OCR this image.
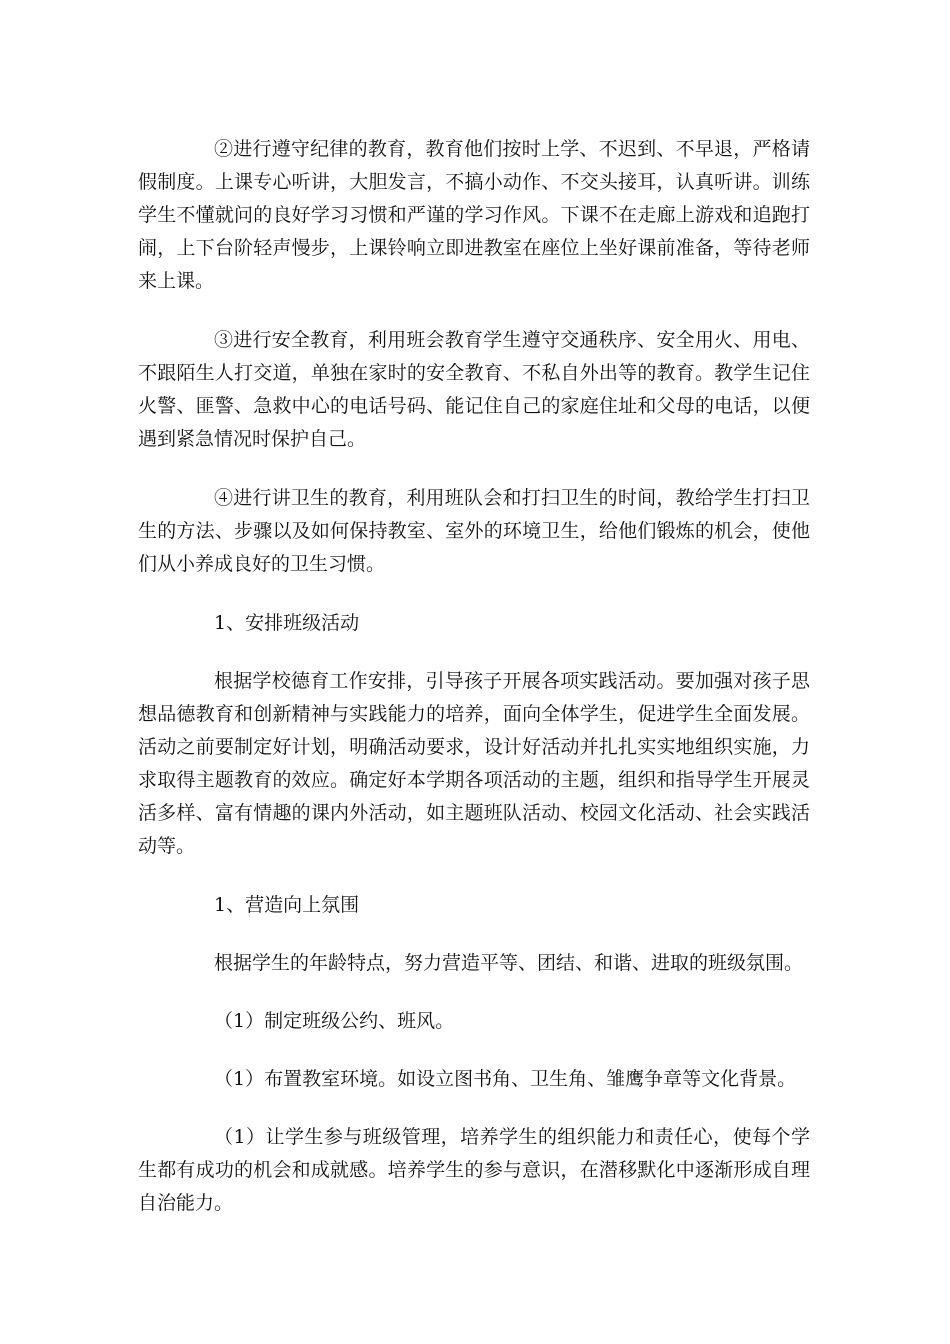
②进行遵守纪律的教育，教育他们按时上学、不迟到、不早退，严格请假制度。上课专心听讲，大胆发言，不搞小动作、不交头接耳，认真听讲。训练学生不懂就问的良好学习习惯和严谨的学习作风。下课不在走廊上游戏和追跑打闹，上下台阶轻声慢步，上课铃响立即进教室在座位上坐好课前准备，等待老师来上课。

③进行安全教育，利用班会教育学生遵守交通秩序、安全用火、用电、不跟陌生人打交道，单独在家时的安全教育、不私自外出等的教育。教学生记住火警、匪警、急救中心的电话号码、能记住自己的家庭住址和父母的电话，以便遇到紧急情况时保护自己。

④进行讲卫生的教育，利用班队会和打扫卫生的时间，教给学生打扫卫生的方法、步骤以及如何保持教室、室外的环境卫生，给他们锻炼的机会，使他们从小养成良好的卫生习惯。

1、安排班级活动

根据学校德育工作安排，引导孩子开展各项实践活动。要加强对孩子思想品德教育和创新精神与实践能力的培养，面向全体学生，促进学生全面发展。活动之前要制定好计划，明确活动要求，设计好活动并扎扎实实地组织实施，力求取得主题教育的效应。确定好本学期各项活动的主题，组织和指导学生开展灵活多样、富有情趣的课内外活动，如主题班队活动、校园文化活动、社会实践活动等。

1、营造向上氛围

根据学生的年龄特点，努力营造平等、团结、和谐、进取的班级氛围。

（1）制定班级公约、班风。

（1）布置教室环境。如设立图书角、卫生角、雏鹰争章等文化背景。

（1）让学生参与班级管理，培养学生的组织能力和责任心，使每个学生都有成功的机会和成就感。培养学生的参与意识，在潜移默化中逐渐形成自理自治能力。
